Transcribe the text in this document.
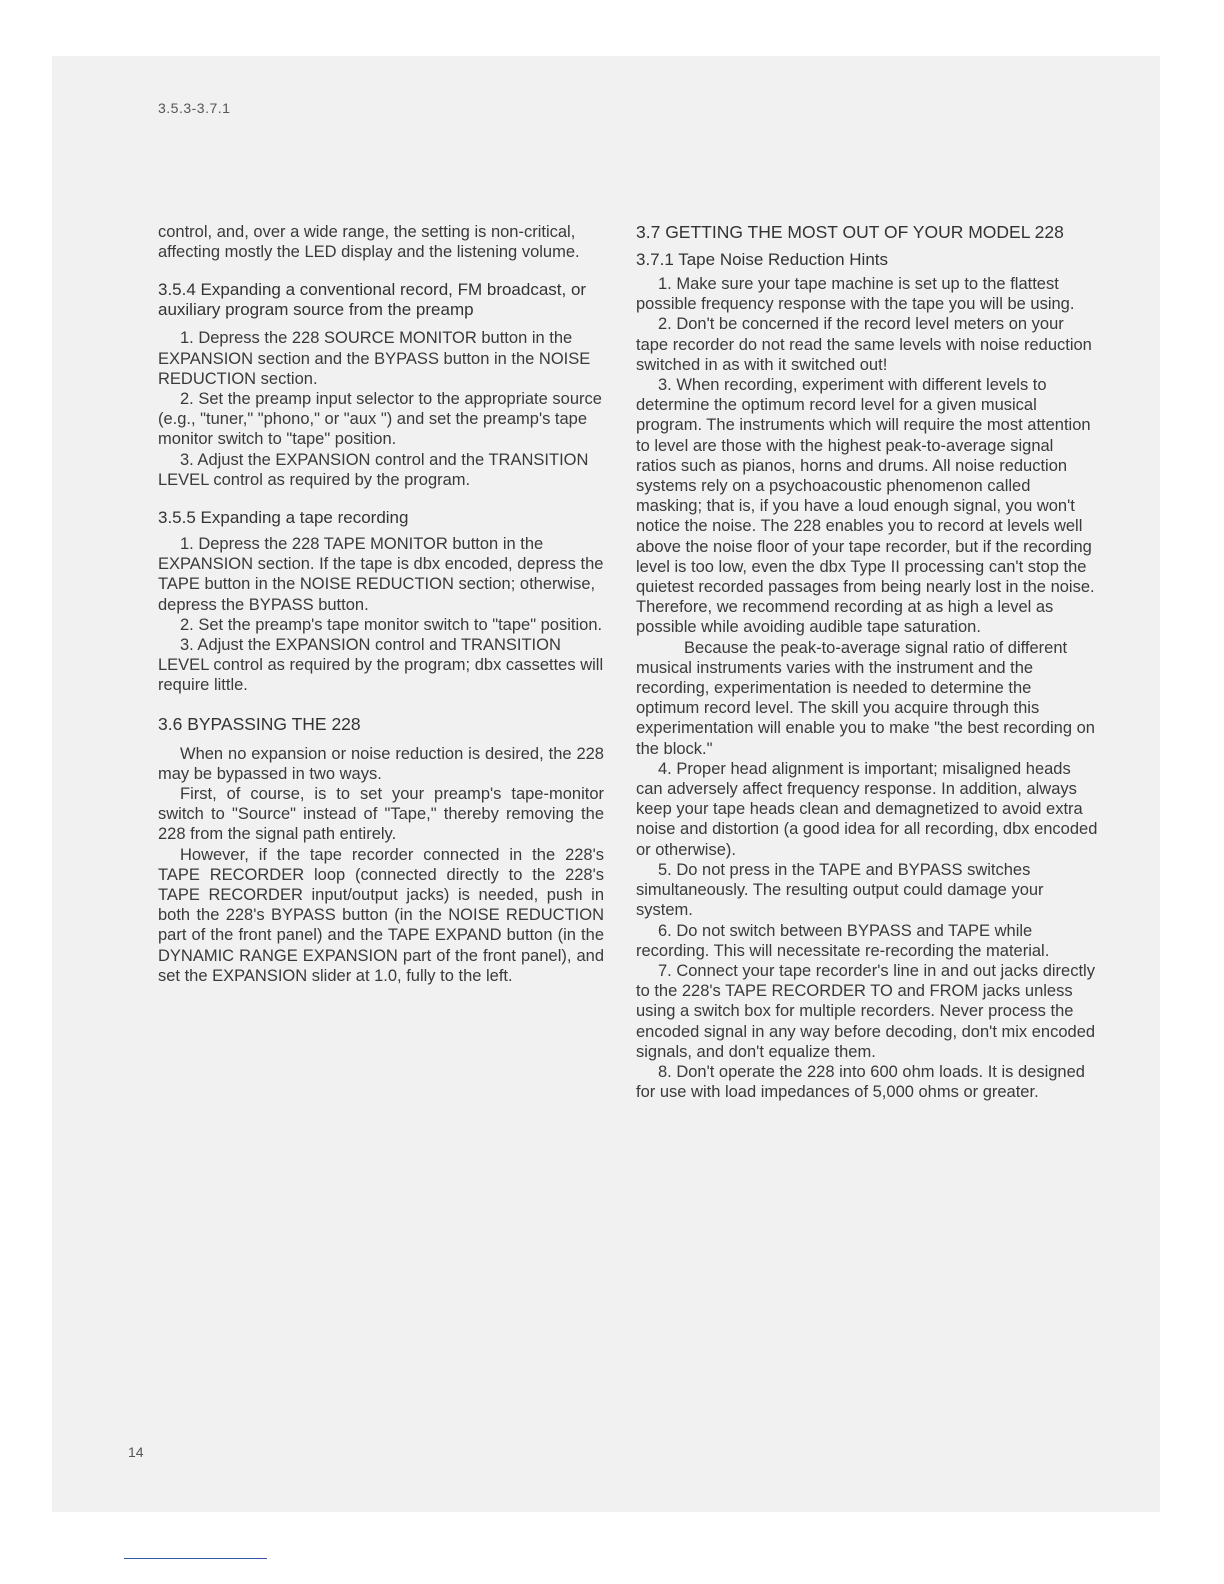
3.5.3-3.7.1

control, and, over a wide range, the setting is non-critical, affecting mostly the LED display and the listening volume.

3.5.4 Expanding a conventional record, FM broadcast, or auxiliary program source from the preamp

1. Depress the 228 SOURCE MONITOR button in the EXPANSION section and the BYPASS button in the NOISE REDUCTION section.

2. Set the preamp input selector to the appropriate source (e.g., "tuner," "phono," or "aux ") and set the preamp's tape monitor switch to "tape" position.

3. Adjust the EXPANSION control and the TRANSITION LEVEL control as required by the program.

3.5.5 Expanding a tape recording

1. Depress the 228 TAPE MONITOR button in the EXPANSION section. If the tape is dbx encoded, depress the TAPE button in the NOISE REDUCTION section; otherwise, depress the BYPASS button.

2. Set the preamp's tape monitor switch to "tape" position.

3. Adjust the EXPANSION control and TRANSITION LEVEL control as required by the program; dbx cassettes will require little.

3.6 BYPASSING THE 228

When no expansion or noise reduction is desired, the 228 may be bypassed in two ways.

First, of course, is to set your preamp's tape-monitor switch to "Source" instead of "Tape," thereby removing the 228 from the signal path entirely.

However, if the tape recorder connected in the 228's TAPE RECORDER loop (connected directly to the 228's TAPE RECORDER input/output jacks) is needed, push in both the 228's BYPASS button (in the NOISE REDUCTION part of the front panel) and the TAPE EXPAND button (in the DYNAMIC RANGE EXPANSION part of the front panel), and set the EXPANSION slider at 1.0, fully to the left.

3.7 GETTING THE MOST OUT OF YOUR MODEL 228
3.7.1 Tape Noise Reduction Hints

1. Make sure your tape machine is set up to the flattest possible frequency response with the tape you will be using.

2. Don't be concerned if the record level meters on your tape recorder do not read the same levels with noise reduction switched in as with it switched out!

3. When recording, experiment with different levels to determine the optimum record level for a given musical program. The instruments which will require the most attention to level are those with the highest peak-to-average signal ratios such as pianos, horns and drums. All noise reduction systems rely on a psychoacoustic phenomenon called masking; that is, if you have a loud enough signal, you won't notice the noise. The 228 enables you to record at levels well above the noise floor of your tape recorder, but if the recording level is too low, even the dbx Type II processing can't stop the quietest recorded passages from being nearly lost in the noise. Therefore, we recommend recording at as high a level as possible while avoiding audible tape saturation.

Because the peak-to-average signal ratio of different musical instruments varies with the instrument and the recording, experimentation is needed to determine the optimum record level. The skill you acquire through this experimentation will enable you to make "the best recording on the block."

4. Proper head alignment is important; misaligned heads can adversely affect frequency response. In addition, always keep your tape heads clean and demagnetized to avoid extra noise and distortion (a good idea for all recording, dbx encoded or otherwise).

5. Do not press in the TAPE and BYPASS switches simultaneously. The resulting output could damage your system.

6. Do not switch between BYPASS and TAPE while recording. This will necessitate re-recording the material.

7. Connect your tape recorder's line in and out jacks directly to the 228's TAPE RECORDER TO and FROM jacks unless using a switch box for multiple recorders. Never process the encoded signal in any way before decoding, don't mix encoded signals, and don't equalize them.

8. Don't operate the 228 into 600 ohm loads. It is designed for use with load impedances of 5,000 ohms or greater.

14
